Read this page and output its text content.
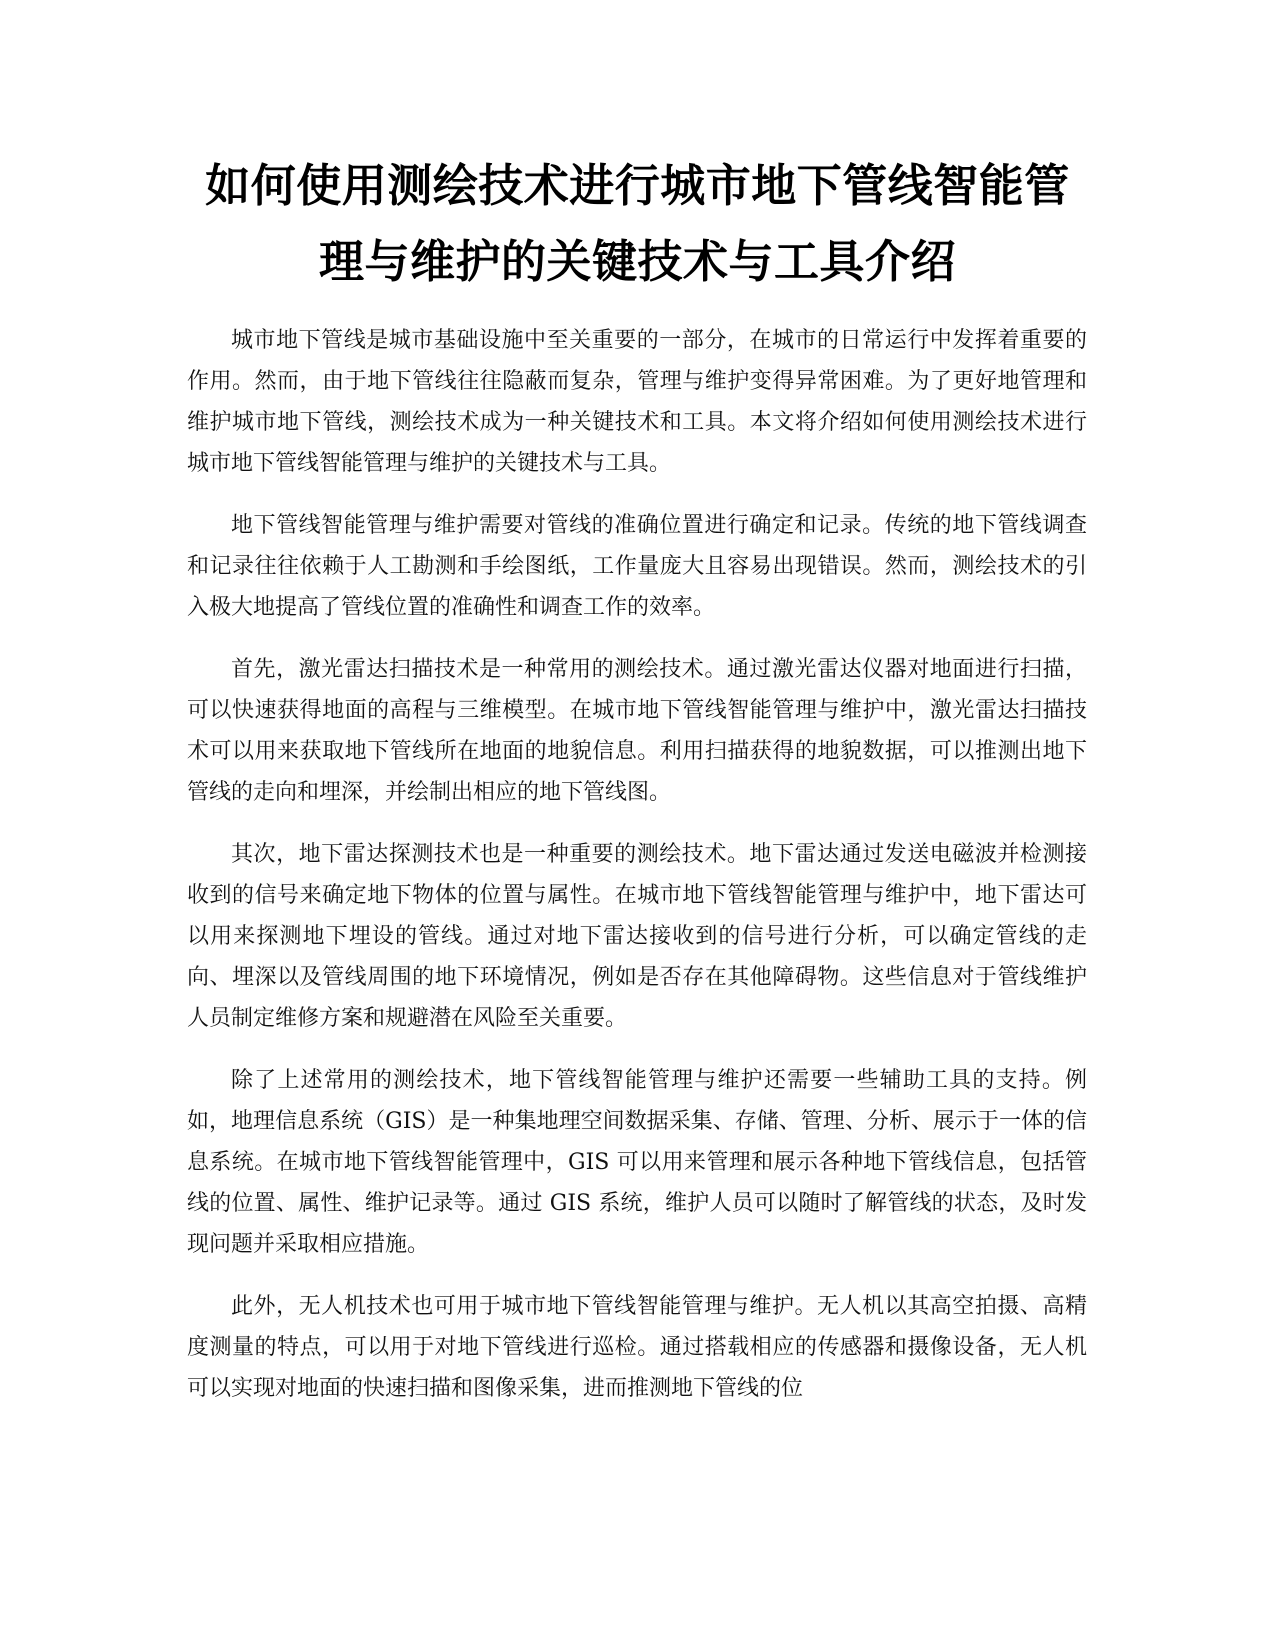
如何使用测绘技术进行城市地下管线智能管
理与维护的关键技术与工具介绍

城市地下管线是城市基础设施中至关重要的一部分，在城市的日常运行中发挥着重要的作用。然而，由于地下管线往往隐蔽而复杂，管理与维护变得异常困难。为了更好地管理和维护城市地下管线，测绘技术成为一种关键技术和工具。本文将介绍如何使用测绘技术进行城市地下管线智能管理与维护的关键技术与工具。

地下管线智能管理与维护需要对管线的准确位置进行确定和记录。传统的地下管线调查和记录往往依赖于人工勘测和手绘图纸，工作量庞大且容易出现错误。然而，测绘技术的引入极大地提高了管线位置的准确性和调查工作的效率。

首先，激光雷达扫描技术是一种常用的测绘技术。通过激光雷达仪器对地面进行扫描，可以快速获得地面的高程与三维模型。在城市地下管线智能管理与维护中，激光雷达扫描技术可以用来获取地下管线所在地面的地貌信息。利用扫描获得的地貌数据，可以推测出地下管线的走向和埋深，并绘制出相应的地下管线图。

其次，地下雷达探测技术也是一种重要的测绘技术。地下雷达通过发送电磁波并检测接收到的信号来确定地下物体的位置与属性。在城市地下管线智能管理与维护中，地下雷达可以用来探测地下埋设的管线。通过对地下雷达接收到的信号进行分析，可以确定管线的走向、埋深以及管线周围的地下环境情况，例如是否存在其他障碍物。这些信息对于管线维护人员制定维修方案和规避潜在风险至关重要。

除了上述常用的测绘技术，地下管线智能管理与维护还需要一些辅助工具的支持。例如，地理信息系统（GIS）是一种集地理空间数据采集、存储、管理、分析、展示于一体的信息系统。在城市地下管线智能管理中，GIS 可以用来管理和展示各种地下管线信息，包括管线的位置、属性、维护记录等。通过 GIS 系统，维护人员可以随时了解管线的状态，及时发现问题并采取相应措施。

此外，无人机技术也可用于城市地下管线智能管理与维护。无人机以其高空拍摄、高精度测量的特点，可以用于对地下管线进行巡检。通过搭载相应的传感器和摄像设备，无人机可以实现对地面的快速扫描和图像采集，进而推测地下管线的位
